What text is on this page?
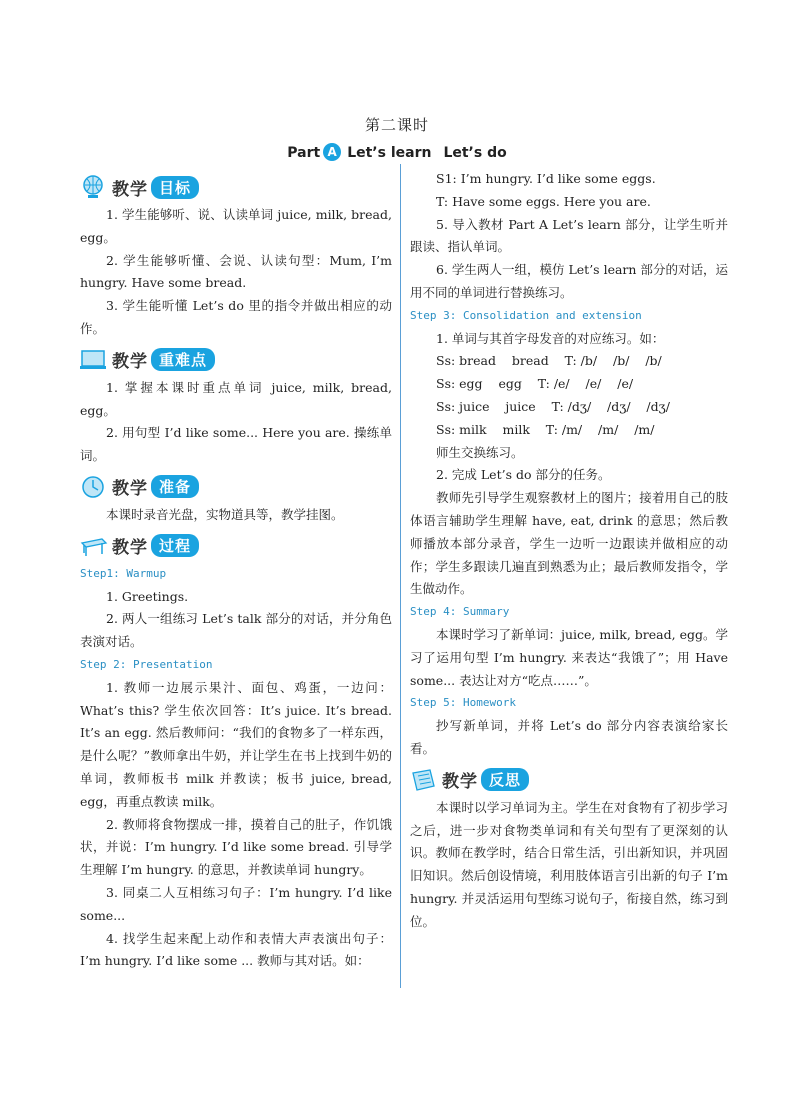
第二课时
Part A Let’s learn Let’s do
教学 目标

1. 学生能够听、说、认读单词 juice, milk, bread, egg。

2. 学生能够听懂、会说、认读句型：Mum, I’m hungry. Have some bread.

3. 学生能听懂 Let’s do 里的指令并做出相应的动作。

教学 重难点

1. 掌握本课时重点单词 juice, milk, bread, egg。

2. 用句型 I’d like some... Here you are. 操练单词。

教学 准备

本课时录音光盘，实物道具等，教学挂图。

教学 过程
Step1: Warmup

1. Greetings.

2. 两人一组练习 Let’s talk 部分的对话，并分角色表演对话。

Step 2: Presentation

1. 教师一边展示果汁、面包、鸡蛋，一边问：What’s this? 学生依次回答：It’s juice. It’s bread. It’s an egg. 然后教师问：“我们的食物多了一样东西，是什么呢？”教师拿出牛奶，并让学生在书上找到牛奶的单词，教师板书 milk 并教读；板书 juice, bread, egg，再重点教读 milk。

2. 教师将食物摆成一排，摸着自己的肚子，作饥饿状，并说：I’m hungry. I’d like some bread. 引导学生理解 I’m hungry. 的意思，并教读单词 hungry。

3. 同桌二人互相练习句子：I’m hungry. I’d like some...

4. 找学生起来配上动作和表情大声表演出句子：I’m hungry. I’d like some ... 教师与其对话。如：

S1: I’m hungry. I’d like some eggs.

T: Have some eggs. Here you are.

5. 导入教材 Part A Let’s learn 部分，让学生听并跟读、指认单词。

6. 学生两人一组，模仿 Let’s learn 部分的对话，运用不同的单词进行替换练习。

Step 3: Consolidation and extension

1. 单词与其首字母发音的对应练习。如：

Ss: bread    bread    T: /b/    /b/    /b/

Ss: egg    egg    T: /e/    /e/    /e/

Ss: juice    juice    T: /dʒ/    /dʒ/    /dʒ/

Ss: milk    milk    T: /m/    /m/    /m/

师生交换练习。

2. 完成 Let’s do 部分的任务。

教师先引导学生观察教材上的图片；接着用自己的肢体语言辅助学生理解 have, eat, drink 的意思；然后教师播放本部分录音，学生一边听一边跟读并做相应的动作；学生多跟读几遍直到熟悉为止；最后教师发指令，学生做动作。

Step 4: Summary

本课时学习了新单词：juice, milk, bread, egg。学习了运用句型 I’m hungry. 来表达“我饿了”；用 Have some... 表达让对方“吃点……”。

Step 5: Homework

抄写新单词，并将 Let’s do 部分内容表演给家长看。

教学 反思

本课时以学习单词为主。学生在对食物有了初步学习之后，进一步对食物类单词和有关句型有了更深刻的认识。教师在教学时，结合日常生活，引出新知识，并巩固旧知识。然后创设情境，利用肢体语言引出新的句子 I’m hungry. 并灵活运用句型练习说句子，衔接自然，练习到位。
